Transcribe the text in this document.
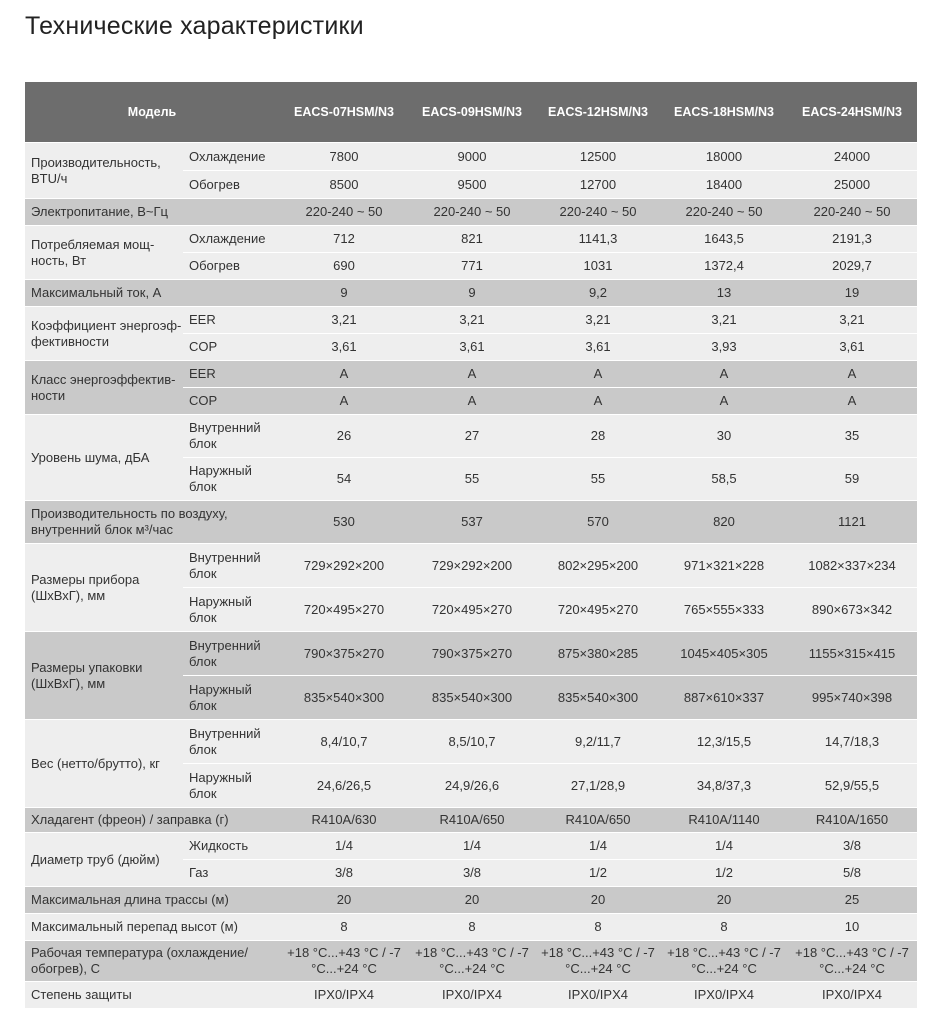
Технические характеристики
Модель		EACS-07HSM/N3	EACS-09HSM/N3	EACS-12HSM/N3	EACS-18HSM/N3	EACS-24HSM/N3
Производительность, BTU/ч	Охлаждение	7800	9000	12500	18000	24000
	Обогрев	8500	9500	12700	18400	25000
Электропитание, В~Гц		220-240 ~ 50	220-240 ~ 50	220-240 ~ 50	220-240 ~ 50	220-240 ~ 50
Потребляемая мощ-ность, Вт	Охлаждение	712	821	1141,3	1643,5	2191,3
	Обогрев	690	771	1031	1372,4	2029,7
Максимальный ток, А		9	9	9,2	13	19
Коэффициент энергоэф-фективности	EER	3,21	3,21	3,21	3,21	3,21
	COP	3,61	3,61	3,61	3,93	3,61
Класс энергоэффектив-ности	EER	A	A	A	A	A
	COP	A	A	A	A	A
Уровень шума, дБА	Внутренний блок	26	27	28	30	35
	Наружный блок	54	55	55	58,5	59
Производительность по воздуху, внутренний блок м³/час		530	537	570	820	1121
Размеры прибора (ШхВхГ), мм	Внутренний блок	729×292×200	729×292×200	802×295×200	971×321×228	1082×337×234
	Наружный блок	720×495×270	720×495×270	720×495×270	765×555×333	890×673×342
Размеры упаковки (ШхВхГ), мм	Внутренний блок	790×375×270	790×375×270	875×380×285	1045×405×305	1155×315×415
	Наружный блок	835×540×300	835×540×300	835×540×300	887×610×337	995×740×398
Вес (нетто/брутто), кг	Внутренний блок	8,4/10,7	8,5/10,7	9,2/11,7	12,3/15,5	14,7/18,3
	Наружный блок	24,6/26,5	24,9/26,6	27,1/28,9	34,8/37,3	52,9/55,5
Хладагент (фреон) / заправка (г)		R410A/630	R410A/650	R410A/650	R410A/1140	R410A/1650
Диаметр труб (дюйм)	Жидкость	1/4	1/4	1/4	1/4	3/8
	Газ	3/8	3/8	1/2	1/2	5/8
Максимальная длина трассы (м)		20	20	20	20	25
Максимальный перепад высот (м)		8	8	8	8	10
Рабочая температура (охлаждение/обогрев), С		+18 °С...+43 °С / -7 °С...+24 °С	+18 °С...+43 °С / -7 °С...+24 °С	+18 °С...+43 °С / -7 °С...+24 °С	+18 °С...+43 °С / -7 °С...+24 °С	+18 °С...+43 °С / -7 °С...+24 °С
Степень защиты		IPX0/IPX4	IPX0/IPX4	IPX0/IPX4	IPX0/IPX4	IPX0/IPX4
